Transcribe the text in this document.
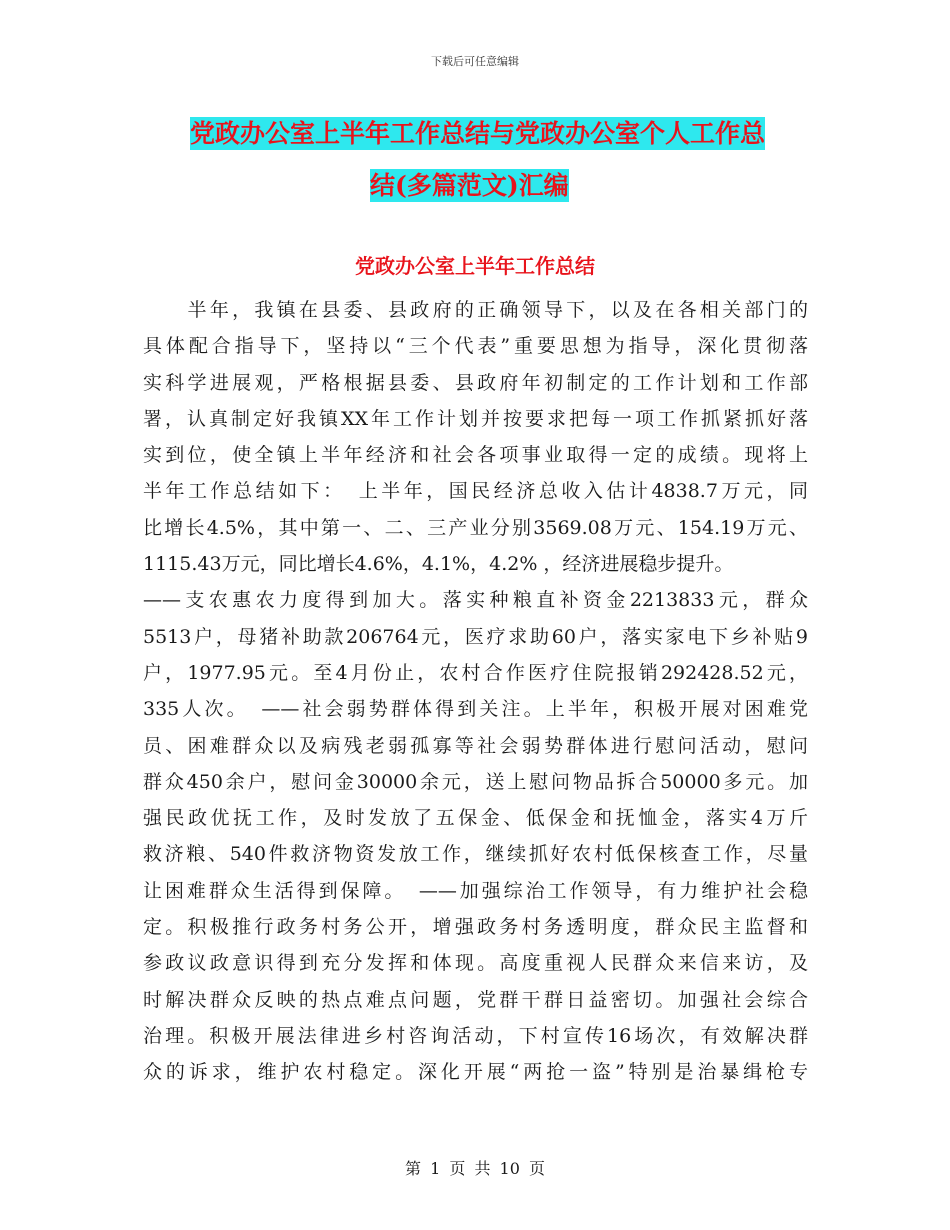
下载后可任意编辑
党政办公室上半年工作总结与党政办公室个人工作总
结(多篇范文)汇编
党政办公室上半年工作总结
　　半年，我镇在县委、县政府的正确领导下，以及在各相关部门的
具体配合指导下，坚持以“三个代表”重要思想为指导，深化贯彻落
实科学进展观，严格根据县委、县政府年初制定的工作计划和工作部
署，认真制定好我镇XX年工作计划并按要求把每一项工作抓紧抓好落
实到位，使全镇上半年经济和社会各项事业取得一定的成绩。现将上
半年工作总结如下：　上半年，国民经济总收入估计4838.7万元，同
比增长4.5%，其中第一、二、三产业分别3569.08万元、154.19万元、
1115.43万元，同比增长4.6%，4.1%，4.2% ，经济进展稳步提升。
——支农惠农力度得到加大。落实种粮直补资金2213833元，群众
5513户，母猪补助款206764元，医疗求助60户，落实家电下乡补贴9
户，1977.95元。至4月份止，农村合作医疗住院报销292428.52元，
335人次。　——社会弱势群体得到关注。上半年，积极开展对困难党
员、困难群众以及病残老弱孤寡等社会弱势群体进行慰问活动，慰问
群众450余户，慰问金30000余元，送上慰问物品拆合50000多元。加
强民政优抚工作，及时发放了五保金、低保金和抚恤金，落实4万斤
救济粮、540件救济物资发放工作，继续抓好农村低保核查工作，尽量
让困难群众生活得到保障。　——加强综治工作领导，有力维护社会稳
定。积极推行政务村务公开，增强政务村务透明度，群众民主监督和
参政议政意识得到充分发挥和体现。高度重视人民群众来信来访，及
时解决群众反映的热点难点问题，党群干群日益密切。加强社会综合
治理。积极开展法律进乡村咨询活动，下村宣传16场次，有效解决群
众的诉求，维护农村稳定。深化开展“两抢一盗”特别是治暴缉枪专
第 1 页 共 10 页
